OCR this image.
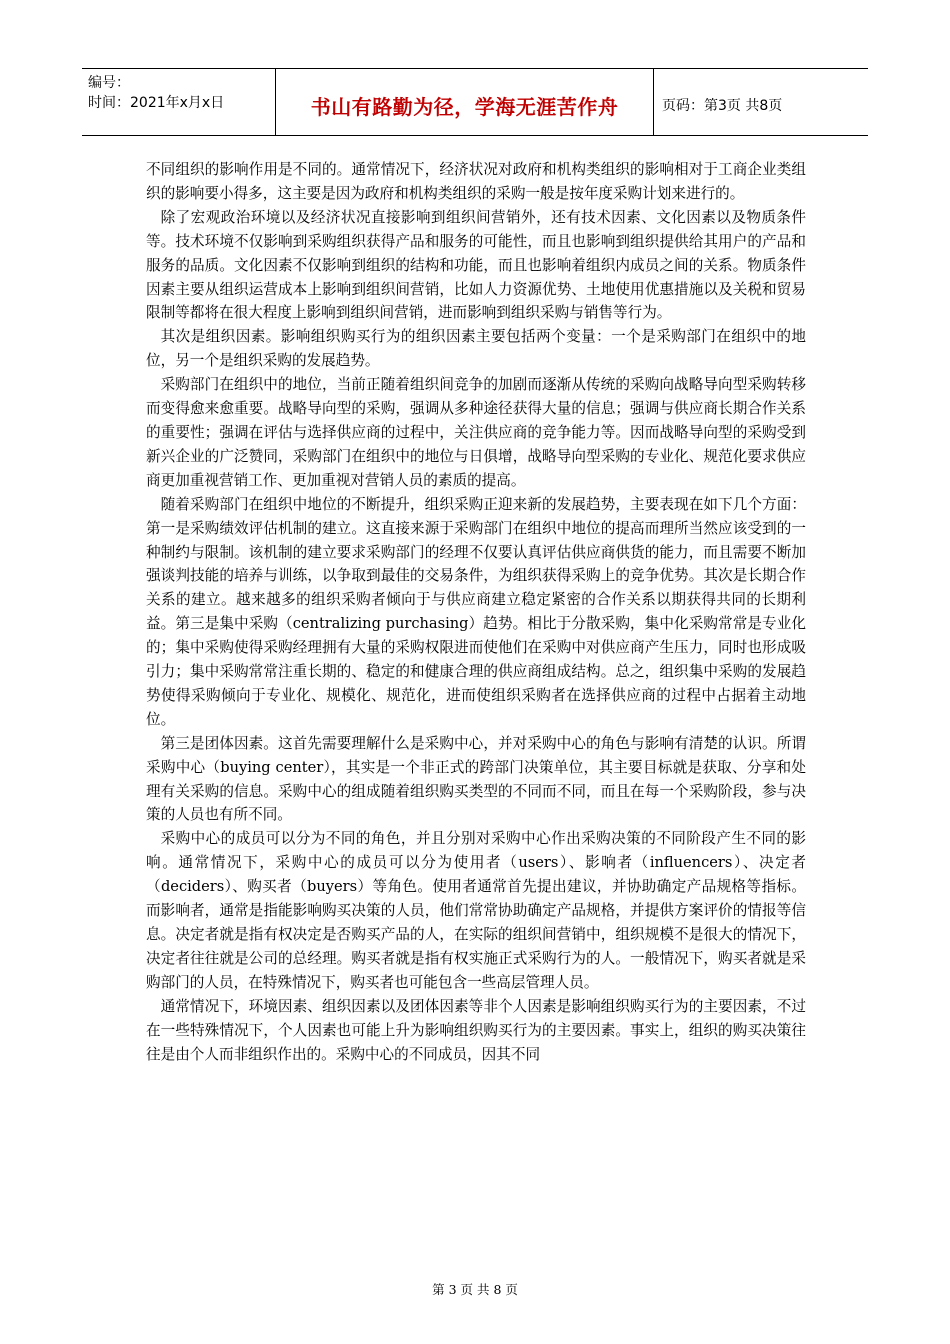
编号：
时间：2021年x月x日	书山有路勤为径，学海无涯苦作舟	页码：第3页 共8页

不同组织的影响作用是不同的。通常情况下，经济状况对政府和机构类组织的影响相对于工商企业类组织的影响要小得多，这主要是因为政府和机构类组织的采购一般是按年度采购计划来进行的。

除了宏观政治环境以及经济状况直接影响到组织间营销外，还有技术因素、文化因素以及物质条件等。技术环境不仅影响到采购组织获得产品和服务的可能性，而且也影响到组织提供给其用户的产品和服务的品质。文化因素不仅影响到组织的结构和功能，而且也影响着组织内成员之间的关系。物质条件因素主要从组织运营成本上影响到组织间营销，比如人力资源优势、土地使用优惠措施以及关税和贸易限制等都将在很大程度上影响到组织间营销，进而影响到组织采购与销售等行为。

其次是组织因素。影响组织购买行为的组织因素主要包括两个变量：一个是采购部门在组织中的地位，另一个是组织采购的发展趋势。

采购部门在组织中的地位，当前正随着组织间竞争的加剧而逐渐从传统的采购向战略导向型采购转移而变得愈来愈重要。战略导向型的采购，强调从多种途径获得大量的信息；强调与供应商长期合作关系的重要性；强调在评估与选择供应商的过程中，关注供应商的竞争能力等。因而战略导向型的采购受到新兴企业的广泛赞同，采购部门在组织中的地位与日俱增，战略导向型采购的专业化、规范化要求供应商更加重视营销工作、更加重视对营销人员的素质的提高。

随着采购部门在组织中地位的不断提升，组织采购正迎来新的发展趋势，主要表现在如下几个方面：第一是采购绩效评估机制的建立。这直接来源于采购部门在组织中地位的提高而理所当然应该受到的一种制约与限制。该机制的建立要求采购部门的经理不仅要认真评估供应商供货的能力，而且需要不断加强谈判技能的培养与训练，以争取到最佳的交易条件，为组织获得采购上的竞争优势。其次是长期合作关系的建立。越来越多的组织采购者倾向于与供应商建立稳定紧密的合作关系以期获得共同的长期利益。第三是集中采购（centralizing purchasing）趋势。相比于分散采购，集中化采购常常是专业化的；集中采购使得采购经理拥有大量的采购权限进而使他们在采购中对供应商产生压力，同时也形成吸引力；集中采购常常注重长期的、稳定的和健康合理的供应商组成结构。总之，组织集中采购的发展趋势使得采购倾向于专业化、规模化、规范化，进而使组织采购者在选择供应商的过程中占据着主动地位。

第三是团体因素。这首先需要理解什么是采购中心，并对采购中心的角色与影响有清楚的认识。所谓采购中心（buying center），其实是一个非正式的跨部门决策单位，其主要目标就是获取、分享和处理有关采购的信息。采购中心的组成随着组织购买类型的不同而不同，而且在每一个采购阶段，参与决策的人员也有所不同。

采购中心的成员可以分为不同的角色，并且分别对采购中心作出采购决策的不同阶段产生不同的影响。通常情况下，采购中心的成员可以分为使用者（users）、影响者（influencers）、决定者（deciders）、购买者（buyers）等角色。使用者通常首先提出建议，并协助确定产品规格等指标。而影响者，通常是指能影响购买决策的人员，他们常常协助确定产品规格，并提供方案评价的情报等信息。决定者就是指有权决定是否购买产品的人，在实际的组织间营销中，组织规模不是很大的情况下，决定者往往就是公司的总经理。购买者就是指有权实施正式采购行为的人。一般情况下，购买者就是采购部门的人员，在特殊情况下，购买者也可能包含一些高层管理人员。

通常情况下，环境因素、组织因素以及团体因素等非个人因素是影响组织购买行为的主要因素，不过在一些特殊情况下，个人因素也可能上升为影响组织购买行为的主要因素。事实上，组织的购买决策往往是由个人而非组织作出的。采购中心的不同成员，因其不同

第 3 页 共 8 页
